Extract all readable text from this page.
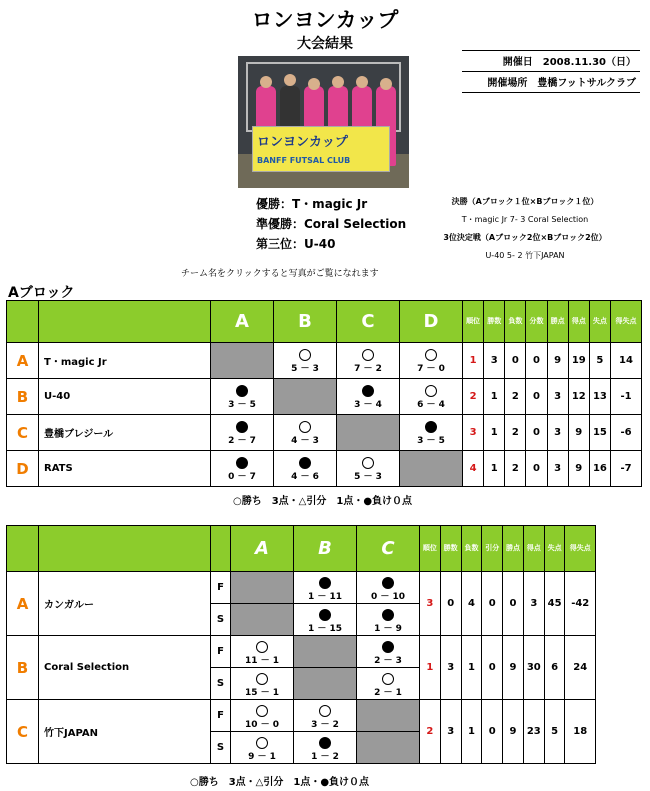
ロンヨンカップ
大会結果
開催日　2008.11.30（日）
開催場所　豊橋フットサルクラブ
ロンヨンカップ
BANFF FUTSAL CLUB
優勝：T・magic Jr
準優勝：Coral Selection
第三位：U-40
決勝（Aブロック１位×Bブロック１位）
T・magic Jr 7- 3 Coral Selection
3位決定戦（Aブロック2位×Bブロック2位）
U-40 5- 2 竹下JAPAN
チーム名をクリックすると写真がご覧になれます
Aブロック
		A	B	C	D	順位	勝数	負数	分数	勝点	得点	失点	得失点
A	T・magic Jr		5 － 3	7 － 2	7 － 0	1	3	0	0	9	19	5	14
B	U-40	3 － 5		3 － 4	6 － 4	2	1	2	0	3	12	13	-1
C	豊橋ブレジール	2 － 7	4 － 3		3 － 5	3	1	2	0	3	9	15	-6
D	RATS	0 － 7	4 － 6	5 － 3		4	1	2	0	3	9	16	-7
○勝ち　3点・△引分　1点・●負け０点
			A	B	C	順位	勝数	負数	引分	勝点	得点	失点	得失点
A	カンガルー	F		1 － 11	0 － 10	3	0	4	0	0	3	45	-42
		S		1 － 15	1 － 9								

B	Coral Selection	F	11 － 1		2 － 3	1	3	1	0	9	30	6	24
		S	15 － 1		2 － 1								

C	竹下JAPAN	F	10 － 0	3 － 2		2	3	1	0	9	23	5	18
		S	9 － 1	1 － 2									

○勝ち　3点・△引分　1点・●負け０点
